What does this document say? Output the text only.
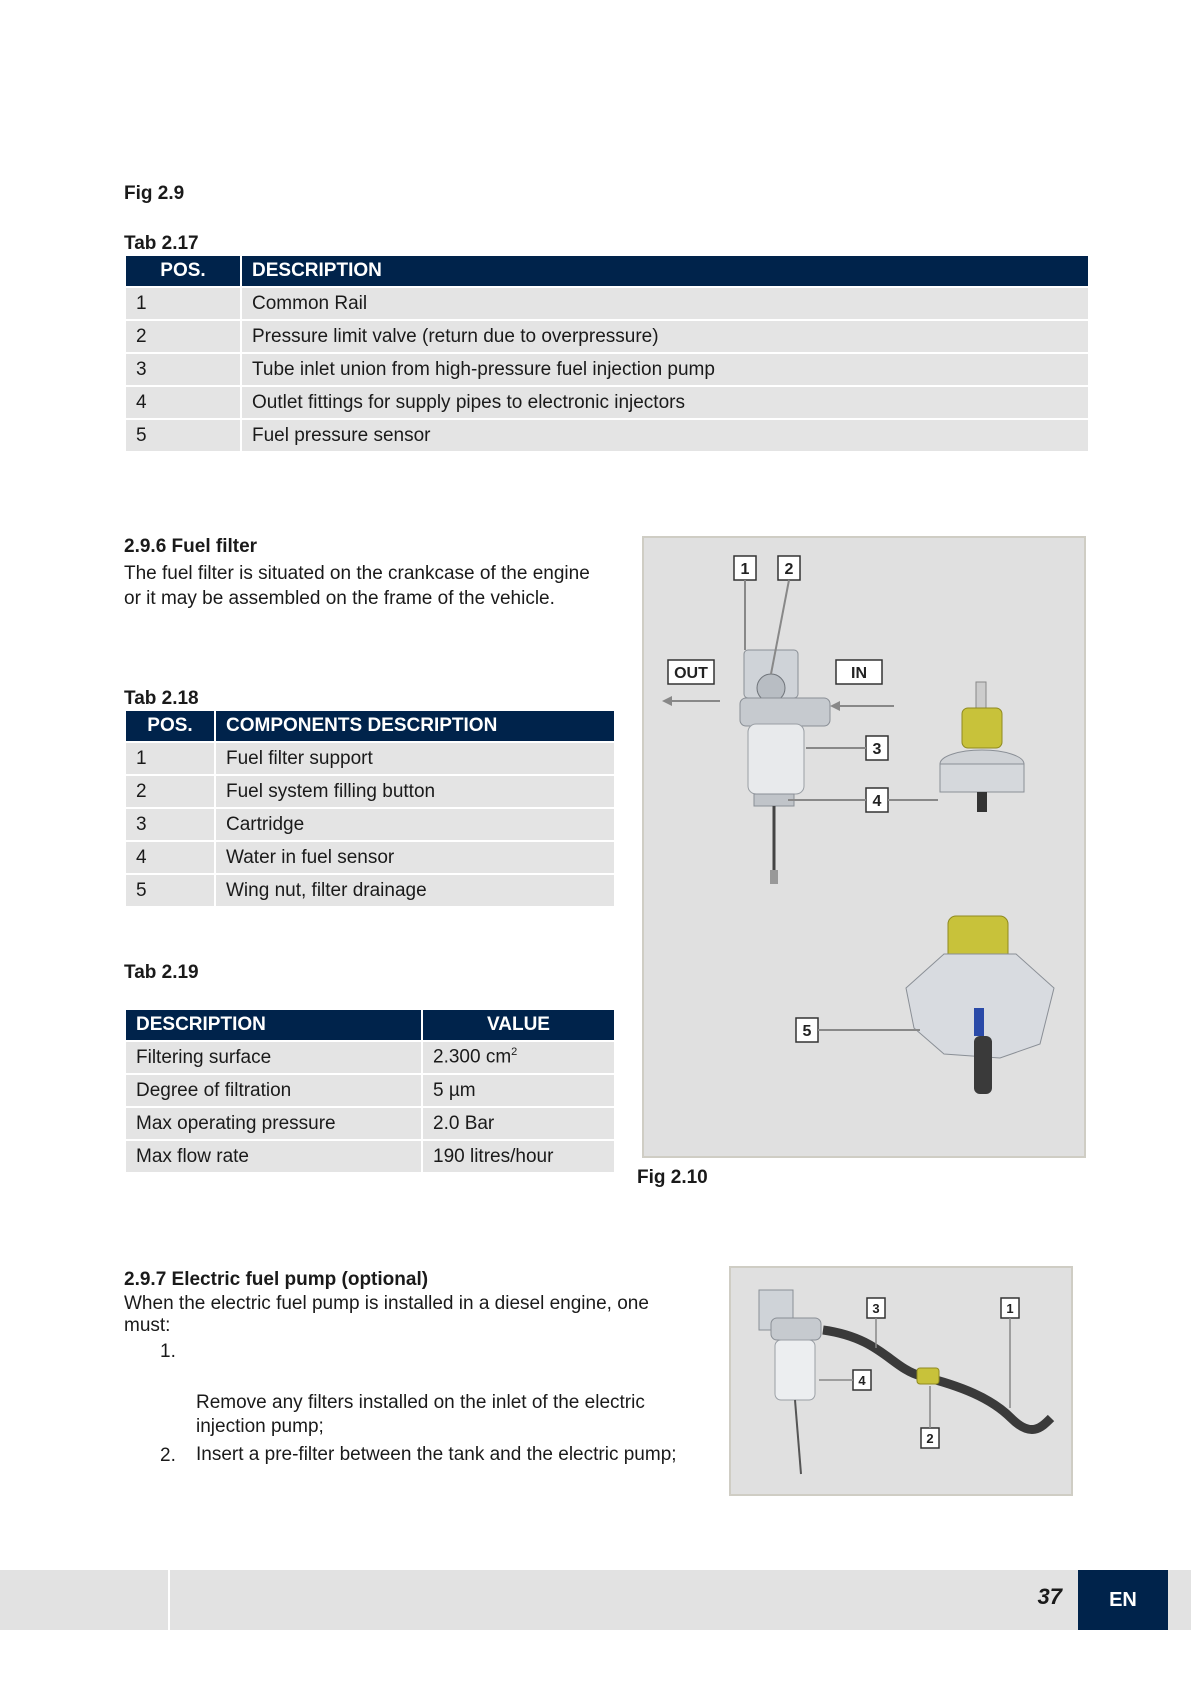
Fig 2.9
Tab 2.17
POS.	DESCRIPTION
1	Common Rail
2	Pressure limit valve (return due to overpressure)
3	Tube inlet union from high-pressure fuel injection pump
4	Outlet fittings for supply pipes to electronic injectors
5	Fuel pressure sensor
2.9.6 Fuel filter
The fuel filter is situated on the crankcase of the engine or it may be assembled on the frame of the vehicle.
Tab 2.18
POS.	COMPONENTS DESCRIPTION
1	Fuel filter support
2	Fuel system filling button
3	Cartridge
4	Water in fuel sensor
5	Wing nut, filter drainage
Tab 2.19
DESCRIPTION	VALUE
Filtering surface	2.300 $cm^2$
Degree of filtration	5 µm
Max operating pressure	2.0 Bar
Max flow rate	190 litres/hour
OUT	IN
1 2
3
4
5
Fig 2.10
2.9.7 Electric fuel pump (optional)
When the electric fuel pump is installed in a diesel engine, one must:
1.
Remove any filters installed on the inlet of the electric injection pump;
2. Insert a pre-filter between the tank and the electric pump;
3	1
4
2
37	EN
